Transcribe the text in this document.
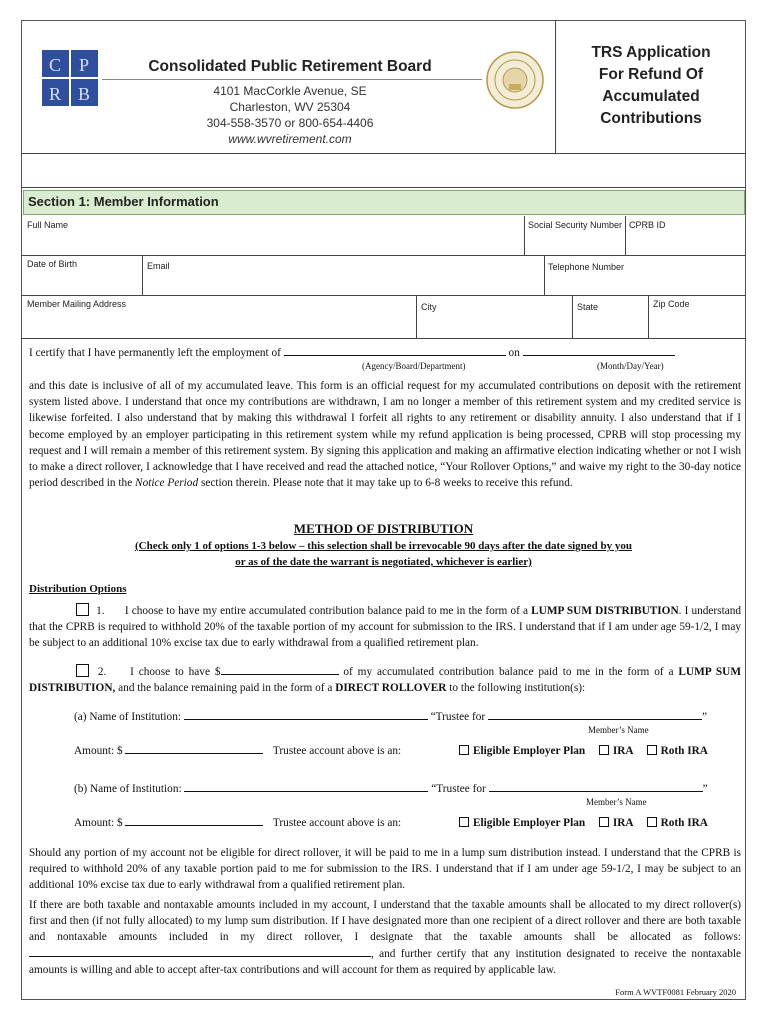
C P
R B
Consolidated Public Retirement Board
4101 MacCorkle Avenue, SE
Charleston, WV 25304
304-558-3570 or 800-654-4406
www.wvretirement.com
TRS Application
For Refund Of
Accumulated
Contributions
Section 1: Member Information
Full Name	Social Security Number CPRB ID
Date of Birth	Email	Telephone Number
Member Mailing Address	City	State	Zip Code
I certify that I have permanently left the employment of	on
(Agency/Board/Department)	(Month/Day/Year)
and this date is inclusive of all of my accumulated leave. This form is an official request for my accumulated contributions on deposit with the retirement system listed above. I understand that once my contributions are withdrawn, I am no longer a member of this retirement system and my credited service is likewise forfeited. I also understand that by making this withdrawal I forfeit all rights to any retirement or disability annuity. I also understand that if I become employed by an employer participating in this retirement system while my refund application is being processed, CPRB will stop processing my request and I will remain a member of this retirement system. By signing this application and making an affirmative election indicating whether or not I wish to make a direct rollover, I acknowledge that I have received and read the attached notice, “Your Rollover Options,” and waive my right to the 30-day notice period described in the Notice Period section therein. Please note that it may take up to 6-8 weeks to receive this refund.
METHOD OF DISTRIBUTION
(Check only 1 of options 1-3 below – this selection shall be irrevocable 90 days after the date signed by you
or as of the date the warrant is negotiated, whichever is earlier)
Distribution Options
1. I choose to have my entire accumulated contribution balance paid to me in the form of a LUMP SUM DISTRIBUTION. I understand that the CPRB is required to withhold 20% of the taxable portion of my account for submission to the IRS. I understand that if I am under age 59-1/2, I may be subject to an additional 10% excise tax due to early withdrawal from a qualified retirement plan.
2. I choose to have $	of my accumulated contribution balance paid to me in the form of a LUMP SUM DISTRIBUTION, and the balance remaining paid in the form of a DIRECT ROLLOVER to the following institution(s):
(a) Name of Institution:	“Trustee for	”
Member’s Name
Amount: $	Trustee account above is an:	Eligible Employer Plan IRA Roth IRA
(b) Name of Institution:	“Trustee for	”
Member’s Name
Amount: $	Trustee account above is an:	Eligible Employer Plan IRA Roth IRA
Should any portion of my account not be eligible for direct rollover, it will be paid to me in a lump sum distribution instead. I understand that the CPRB is required to withhold 20% of any taxable portion paid to me for submission to the IRS. I understand that if I am under age 59-1/2, I may be subject to an additional 10% excise tax due to early withdrawal from a qualified retirement plan.
If there are both taxable and nontaxable amounts included in my account, I understand that the taxable amounts shall be allocated to my direct rollover(s) first and then (if not fully allocated) to my lump sum distribution. If I have designated more than one recipient of a direct rollover and there are both taxable and nontaxable amounts included in my direct rollover, I designate that the taxable amounts shall be allocated as follows: , and further certify that any institution designated to receive the nontaxable amounts is willing and able to accept after-tax contributions and will account for them as required by applicable law.
Form A WVTF0081 February 2020
